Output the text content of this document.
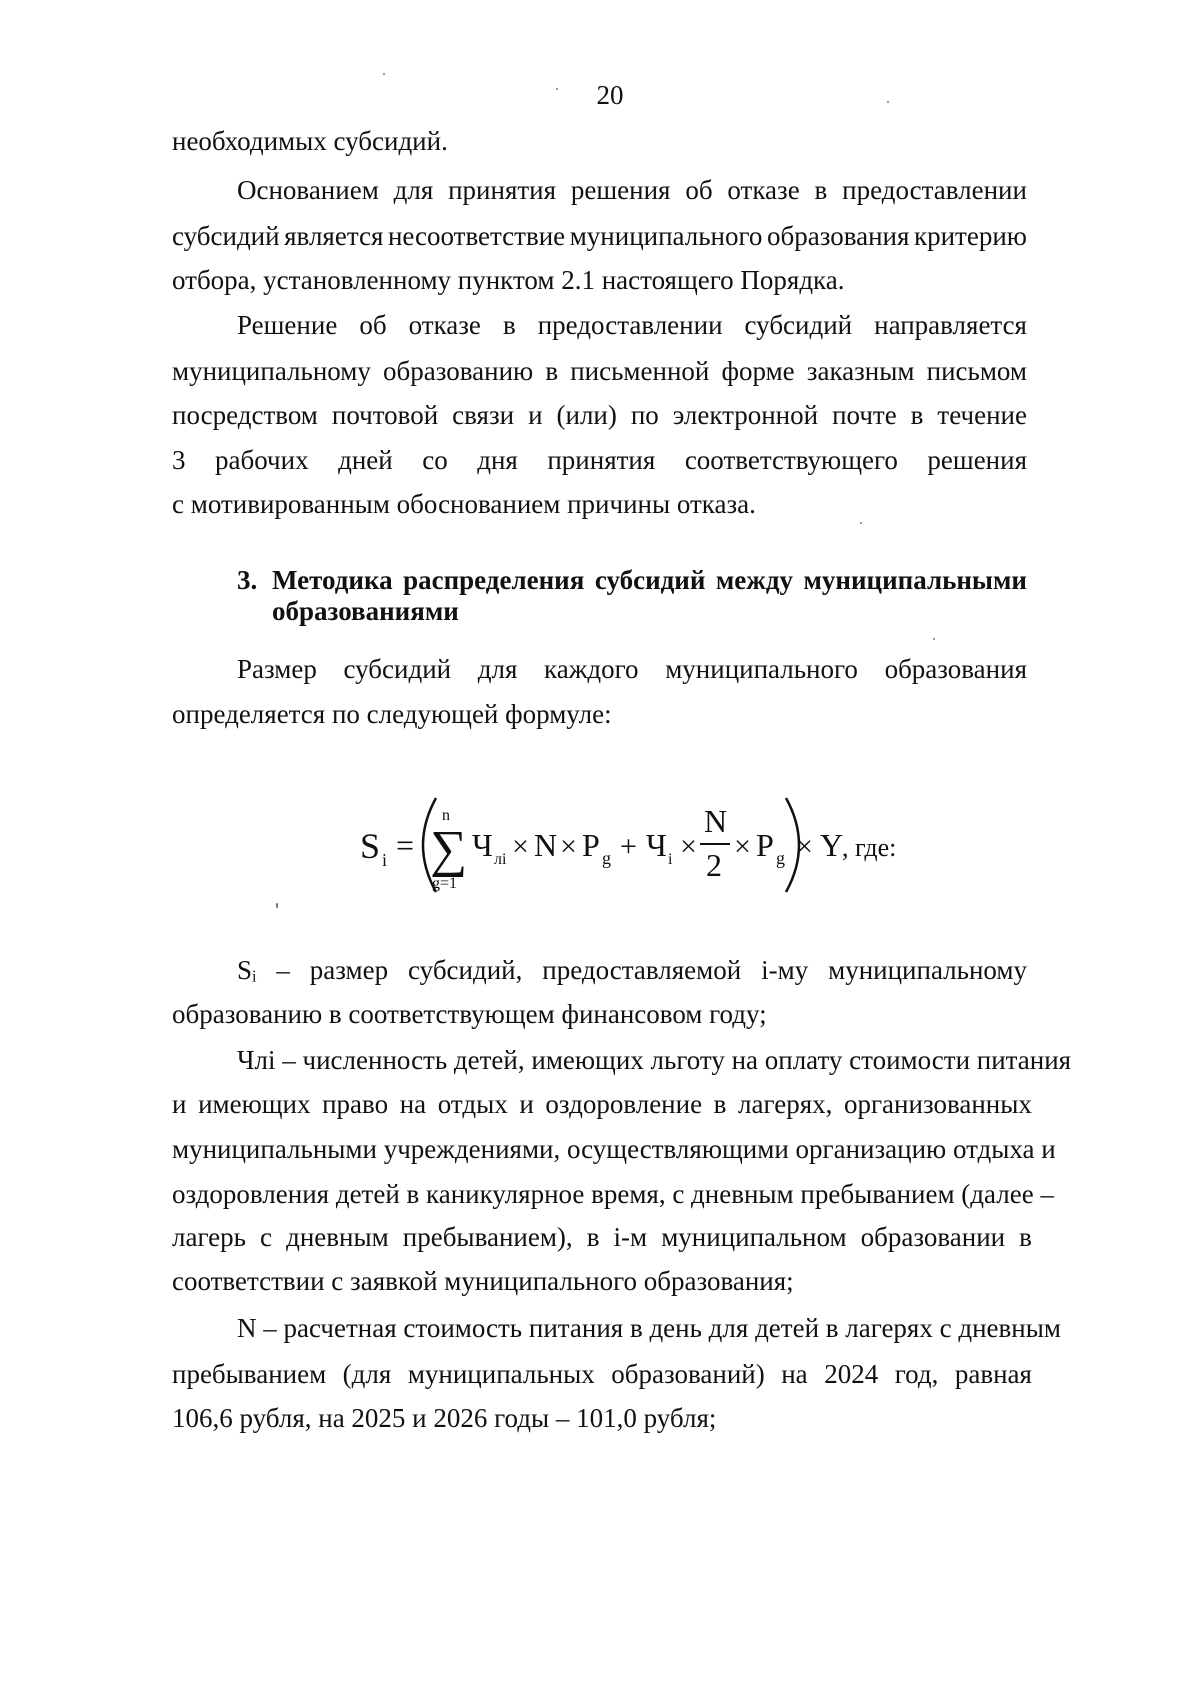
20
необходимых субсидий.
Основанием для принятия решения об отказе в предоставлении
субсидий является несоответствие муниципального образования критерию
отбора, установленному пунктом 2.1 настоящего Порядка.
Решение об отказе в предоставлении субсидий направляется
муниципальному образованию в письменной форме заказным письмом
посредством почтовой связи и (или) по электронной почте в течение
3 рабочих дней со дня принятия соответствующего решения
с мотивированным обоснованием причины отказа.
3. Методика распределения субсидий между муниципальными
образованиями
Размер субсидий для каждого муниципального образования
определяется по следующей формуле:
S i =
n
∑
g=1
Ч лi × N × P g + Ч i ×
N
2
× P g × Y
, где:
Sᵢ – размер субсидий, предоставляемой i-му муниципальному
образованию в соответствующем финансовом году;
Члi – численность детей, имеющих льготу на оплату стоимости питания
и имеющих право на отдых и оздоровление в лагерях, организованных
муниципальными учреждениями, осуществляющими организацию отдыха и
оздоровления детей в каникулярное время, с дневным пребыванием (далее –
лагерь с дневным пребыванием), в i-м муниципальном образовании в
соответствии с заявкой муниципального образования;
N – расчетная стоимость питания в день для детей в лагерях с дневным
пребыванием (для муниципальных образований) на 2024 год, равная
106,6 рубля, на 2025 и 2026 годы – 101,0 рубля;
